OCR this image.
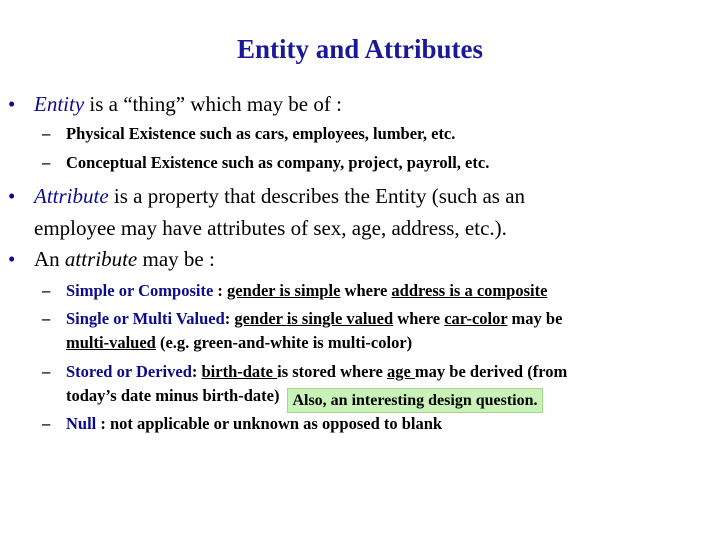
Entity and Attributes
• Entity is a “thing” which may be of :
– Physical Existence such as cars, employees, lumber, etc.
– Conceptual Existence such as company, project, payroll, etc.
• Attribute is a property that describes the Entity (such as an
employee may have attributes of sex, age, address, etc.).
• An attribute may be :
– Simple or Composite : gender is simple where address is a composite
– Single or Multi Valued: gender is single valued where car-color may be
multi-valued (e.g. green-and-white is multi-color)
– Stored or Derived: birth-date is stored where age may be derived (from
today’s date minus birth-date) Also, an interesting design question.
– Null : not applicable or unknown as opposed to blank
